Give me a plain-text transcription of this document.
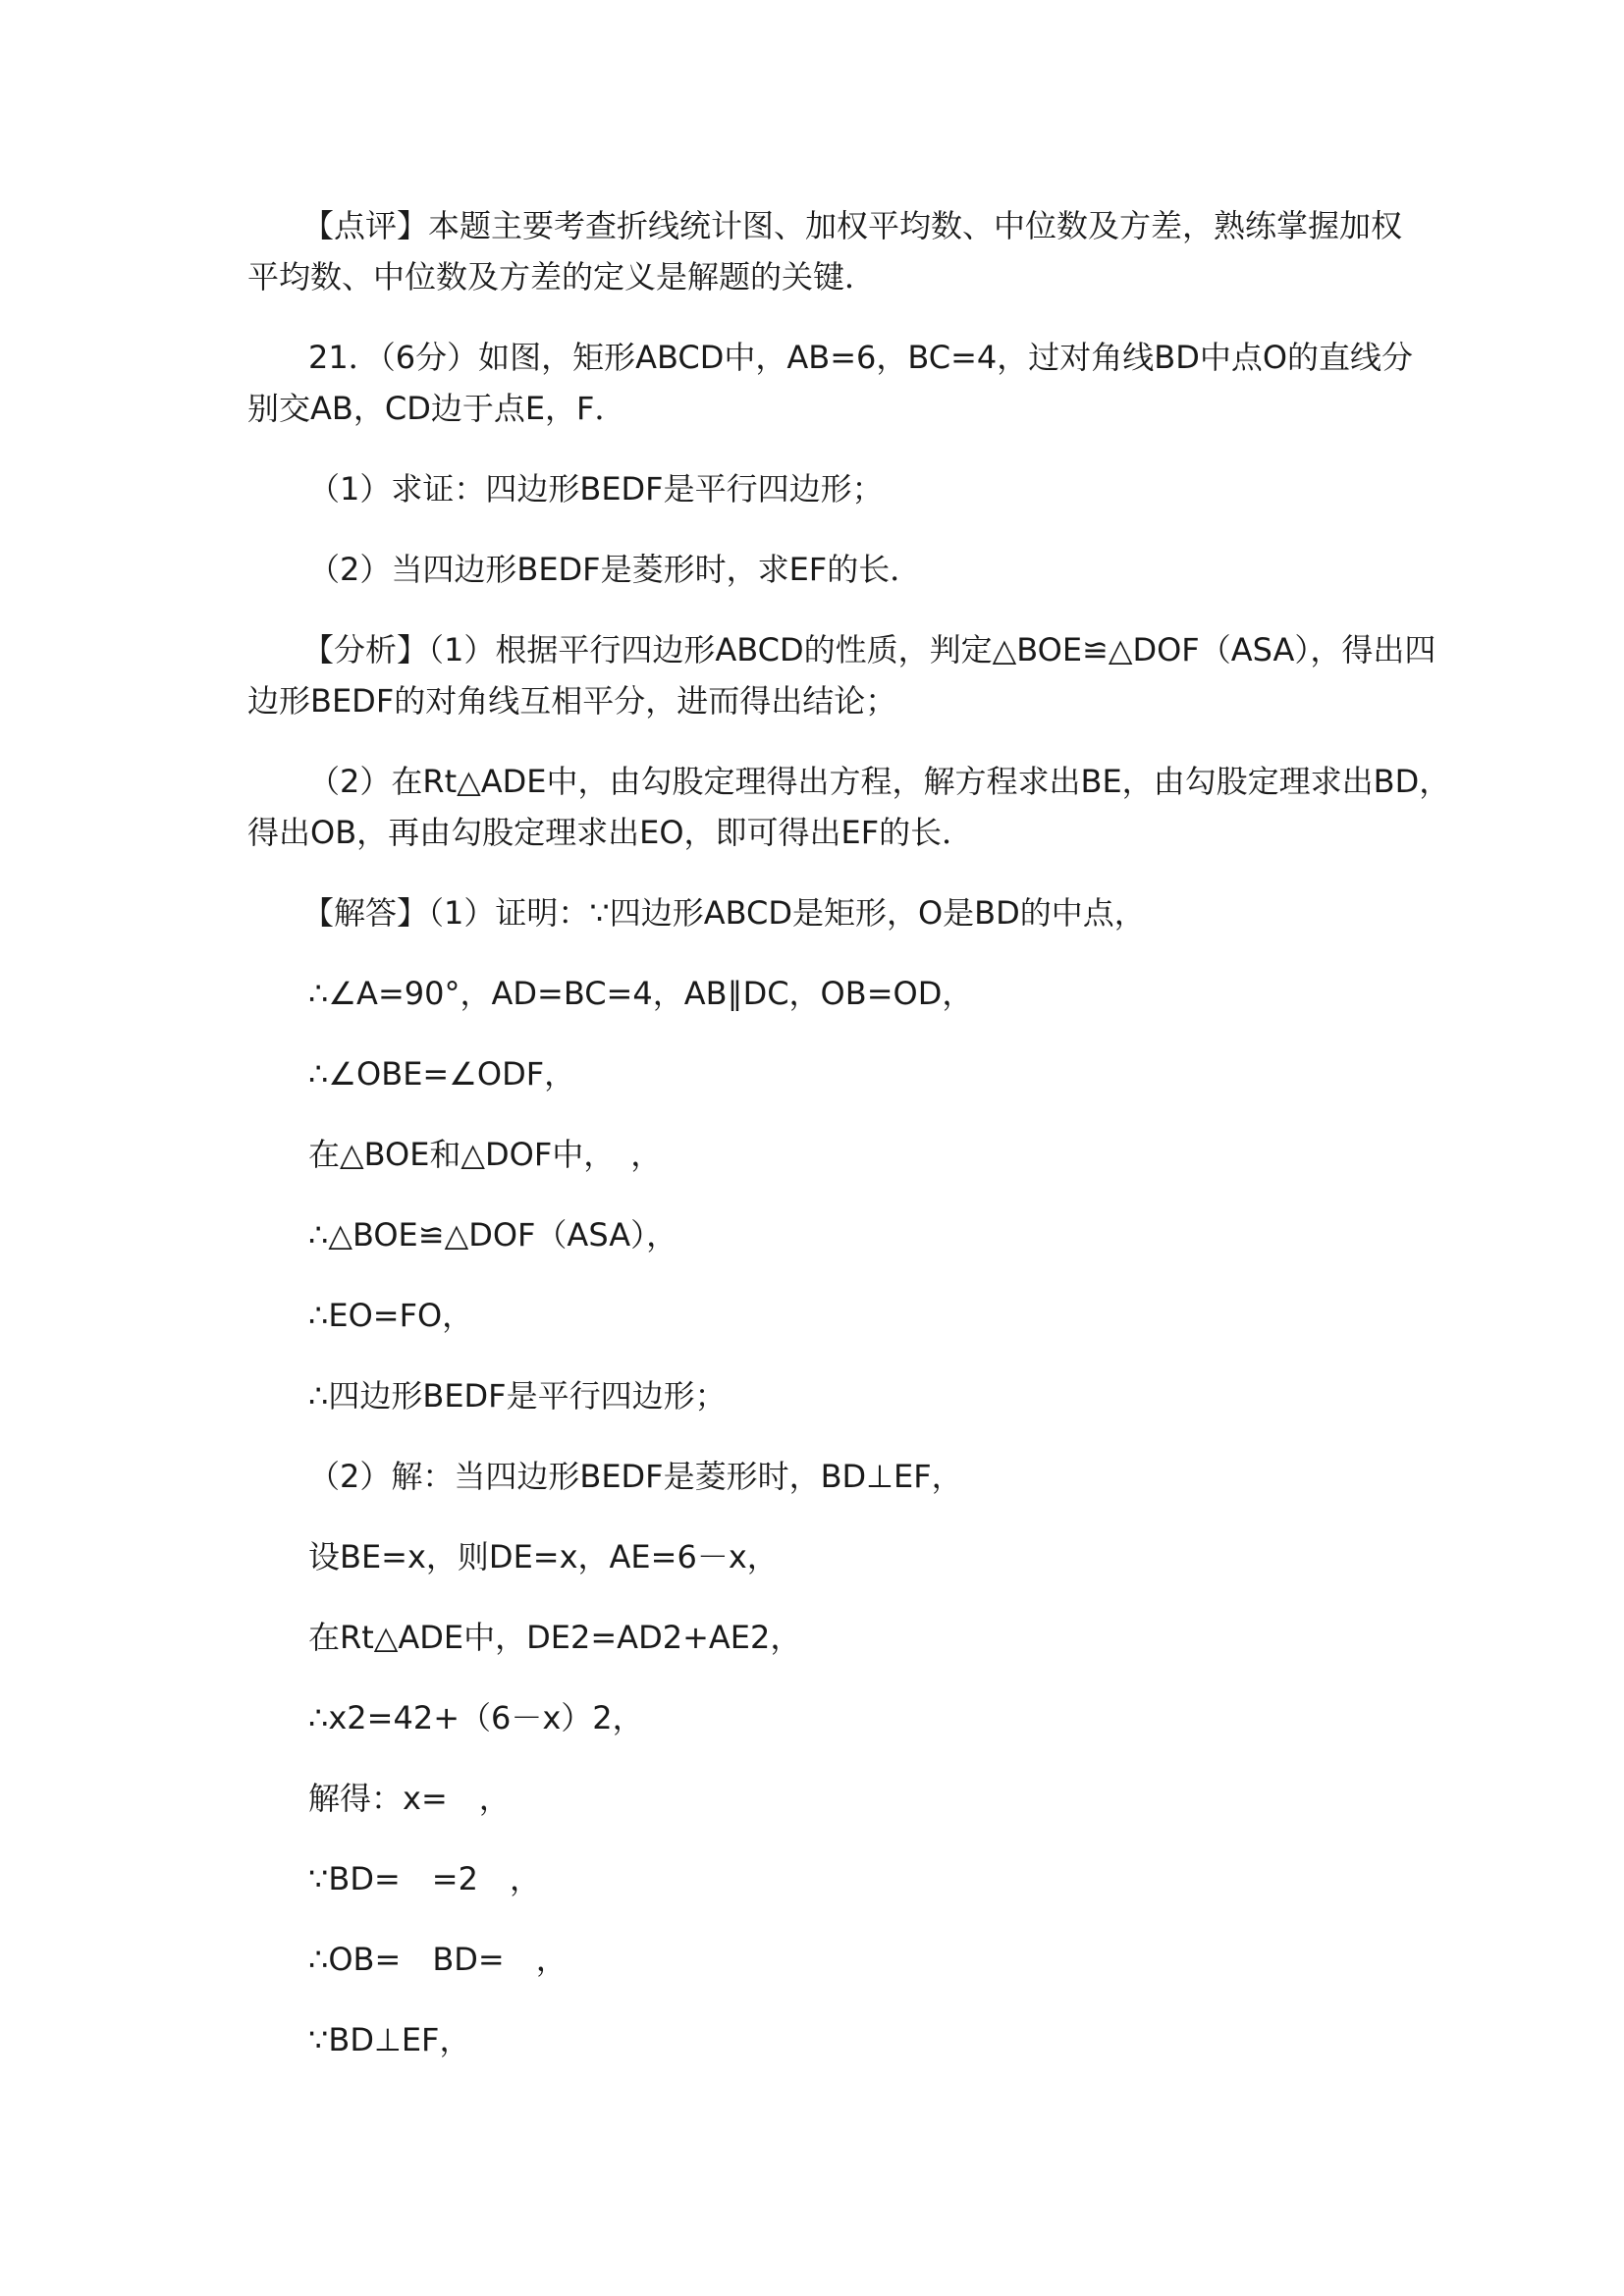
【点评】本题主要考查折线统计图、加权平均数、中位数及方差，熟练掌握加权
平均数、中位数及方差的定义是解题的关键．
21．（6分）如图，矩形ABCD中，AB=6，BC=4，过对角线BD中点O的直线分
别交AB，CD边于点E，F．
（1）求证：四边形BEDF是平行四边形；
（2）当四边形BEDF是菱形时，求EF的长．
【分析】（1）根据平行四边形ABCD的性质，判定△BOE≌△DOF（ASA），得出四
边形BEDF的对角线互相平分，进而得出结论；
（2）在Rt△ADE中，由勾股定理得出方程，解方程求出BE，由勾股定理求出BD，
得出OB，再由勾股定理求出EO，即可得出EF的长．
【解答】（1）证明：∵四边形ABCD是矩形，O是BD的中点，
∴∠A=90°，AD=BC=4，AB∥DC，OB=OD，
∴∠OBE=∠ODF，
在△BOE和△DOF中，　，
∴△BOE≌△DOF（ASA），
∴EO=FO，
∴四边形BEDF是平行四边形；
（2）解：当四边形BEDF是菱形时，BD⊥EF，
设BE=x，则DE=x，AE=6－x，
在Rt△ADE中，DE2=AD2+AE2，
∴x2=42+（6－x）2，
解得：x=　，
∵BD=　=2　，
∴OB=　BD=　，
∵BD⊥EF，
